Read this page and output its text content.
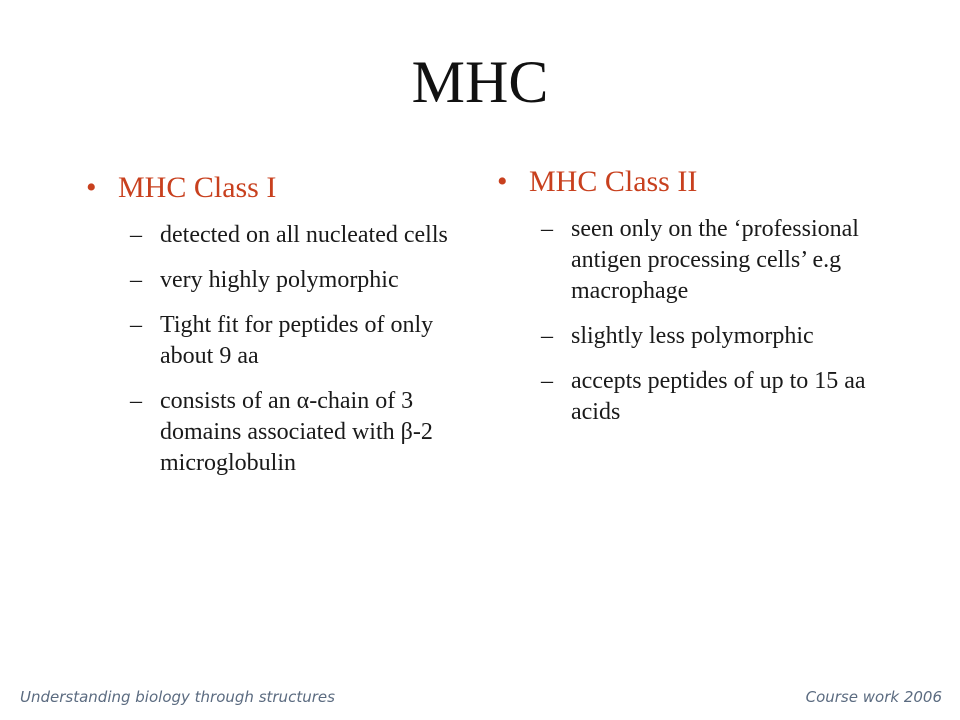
MHC
• MHC Class I
– detected on all nucleated cells
– very highly polymorphic
– Tight fit for peptides of only about 9 aa
– consists of an α-chain of 3 domains associated with β-2 microglobulin
• MHC Class II
– seen only on the ‘professional antigen processing cells’ e.g macrophage
– slightly less polymorphic
– accepts peptides of up to 15 aa acids
Understanding biology through structures	Course work 2006
